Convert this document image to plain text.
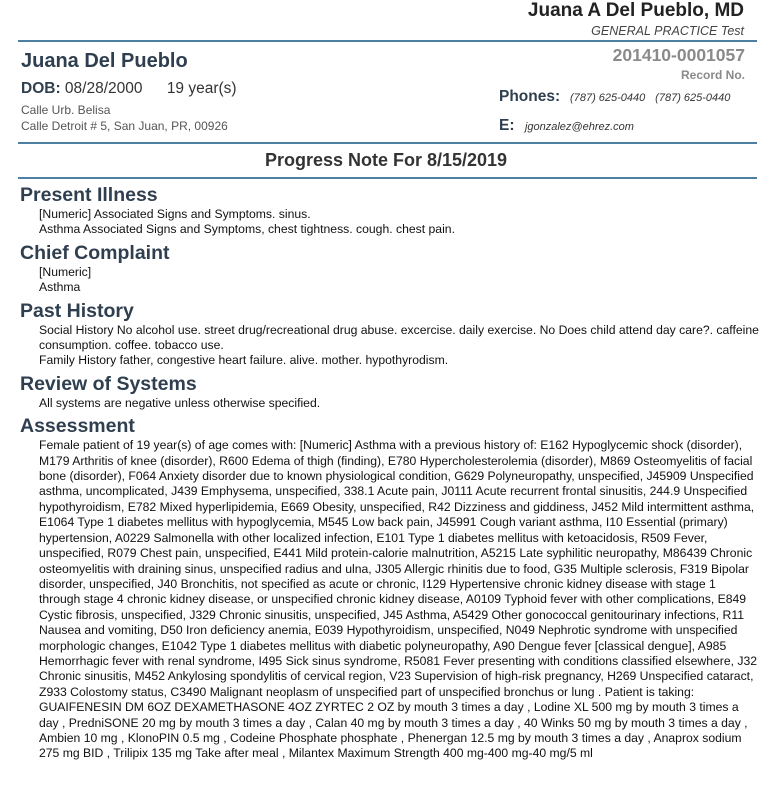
Juana A Del Pueblo, MD
GENERAL PRACTICE Test
Juana Del Pueblo
DOB: 08/28/2000 19 year(s)
Calle Urb. Belisa
Calle Detroit # 5, San Juan, PR, 00926
201410-0001057
Record No.
Phones: (787) 625-0440 (787) 625-0440
E: jgonzalez@ehrez.com
Progress Note For 8/15/2019
Present Illness

[Numeric] Associated Signs and Symptoms. sinus.

Asthma Associated Signs and Symptoms, chest tightness. cough. chest pain.

Chief Complaint

[Numeric]

Asthma

Past History

Social History No alcohol use. street drug/recreational drug abuse. excercise. daily exercise. No Does child attend day care?. caffeine consumption. coffee. tobacco use.

Family History father, congestive heart failure. alive. mother. hypothyrodism.

Review of Systems

All systems are negative unless otherwise specified.

Assessment

Female patient of 19 year(s) of age comes with: [Numeric] Asthma with a previous history of: E162 Hypoglycemic shock (disorder), M179 Arthritis of knee (disorder), R600 Edema of thigh (finding), E780 Hypercholesterolemia (disorder), M869 Osteomyelitis of facial bone (disorder), F064 Anxiety disorder due to known physiological condition, G629 Polyneuropathy, unspecified, J45909 Unspecified asthma, uncomplicated, J439 Emphysema, unspecified, 338.1 Acute pain, J0111 Acute recurrent frontal sinusitis, 244.9 Unspecified hypothyroidism, E782 Mixed hyperlipidemia, E669 Obesity, unspecified, R42 Dizziness and giddiness, J452 Mild intermittent asthma, E1064 Type 1 diabetes mellitus with hypoglycemia, M545 Low back pain, J45991 Cough variant asthma, I10 Essential (primary) hypertension, A0229 Salmonella with other localized infection, E101 Type 1 diabetes mellitus with ketoacidosis, R509 Fever, unspecified, R079 Chest pain, unspecified, E441 Mild protein-calorie malnutrition, A5215 Late syphilitic neuropathy, M86439 Chronic osteomyelitis with draining sinus, unspecified radius and ulna, J305 Allergic rhinitis due to food, G35 Multiple sclerosis, F319 Bipolar disorder, unspecified, J40 Bronchitis, not specified as acute or chronic, I129 Hypertensive chronic kidney disease with stage 1 through stage 4 chronic kidney disease, or unspecified chronic kidney disease, A0109 Typhoid fever with other complications, E849 Cystic fibrosis, unspecified, J329 Chronic sinusitis, unspecified, J45 Asthma, A5429 Other gonococcal genitourinary infections, R11 Nausea and vomiting, D50 Iron deficiency anemia, E039 Hypothyroidism, unspecified, N049 Nephrotic syndrome with unspecified morphologic changes, E1042 Type 1 diabetes mellitus with diabetic polyneuropathy, A90 Dengue fever [classical dengue], A985 Hemorrhagic fever with renal syndrome, I495 Sick sinus syndrome, R5081 Fever presenting with conditions classified elsewhere, J32 Chronic sinusitis, M452 Ankylosing spondylitis of cervical region, V23 Supervision of high-risk pregnancy, H269 Unspecified cataract, Z933 Colostomy status, C3490 Malignant neoplasm of unspecified part of unspecified bronchus or lung . Patient is taking: GUAIFENESIN DM 6OZ DEXAMETHASONE 4OZ ZYRTEC 2 OZ by mouth 3 times a day , Lodine XL 500 mg by mouth 3 times a day , PredniSONE 20 mg by mouth 3 times a day , Calan 40 mg by mouth 3 times a day , 40 Winks 50 mg by mouth 3 times a day , Ambien 10 mg , KlonoPIN 0.5 mg , Codeine Phosphate phosphate , Phenergan 12.5 mg by mouth 3 times a day , Anaprox sodium 275 mg BID , Trilipix 135 mg Take after meal , Milantex Maximum Strength 400 mg-400 mg-40 mg/5 ml
